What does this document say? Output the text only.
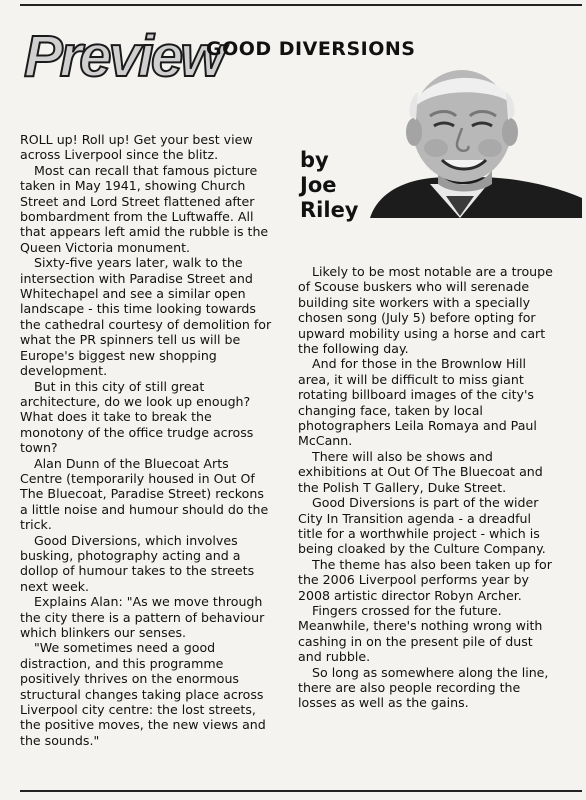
Preview
GOOD DIVERSIONS
by
Joe
Riley

ROLL up! Roll up! Get your best view across Liverpool since the blitz.

Most can recall that famous picture taken in May 1941, showing Church Street and Lord Street flattened after bombardment from the Luftwaffe. All that appears left amid the rubble is the Queen Victoria monument.

Sixty-five years later, walk to the intersection with Paradise Street and Whitechapel and see a similar open landscape - this time looking towards the cathedral courtesy of demolition for what the PR spinners tell us will be Europe's biggest new shopping development.

But in this city of still great architecture, do we look up enough? What does it take to break the monotony of the office trudge across town?

Alan Dunn of the Bluecoat Arts Centre (temporarily housed in Out Of The Bluecoat, Paradise Street) reckons a little noise and humour should do the trick.

Good Diversions, which involves busking, photography acting and a dollop of humour takes to the streets next week.

Explains Alan: "As we move through the city there is a pattern of behaviour which blinkers our senses.

"We sometimes need a good distraction, and this programme positively thrives on the enormous structural changes taking place across Liverpool city centre: the lost streets, the positive moves, the new views and the sounds."

Likely to be most notable are a troupe of Scouse buskers who will serenade building site workers with a specially chosen song (July 5) before opting for upward mobility using a horse and cart the following day.

And for those in the Brownlow Hill area, it will be difficult to miss giant rotating billboard images of the city's changing face, taken by local photographers Leila Romaya and Paul McCann.

There will also be shows and exhibitions at Out Of The Bluecoat and the Polish T Gallery, Duke Street.

Good Diversions is part of the wider City In Transition agenda - a dreadful title for a worthwhile project - which is being cloaked by the Culture Company.

The theme has also been taken up for the 2006 Liverpool performs year by 2008 artistic director Robyn Archer.

Fingers crossed for the future. Meanwhile, there's nothing wrong with cashing in on the present pile of dust and rubble.

So long as somewhere along the line, there are also people recording the losses as well as the gains.
